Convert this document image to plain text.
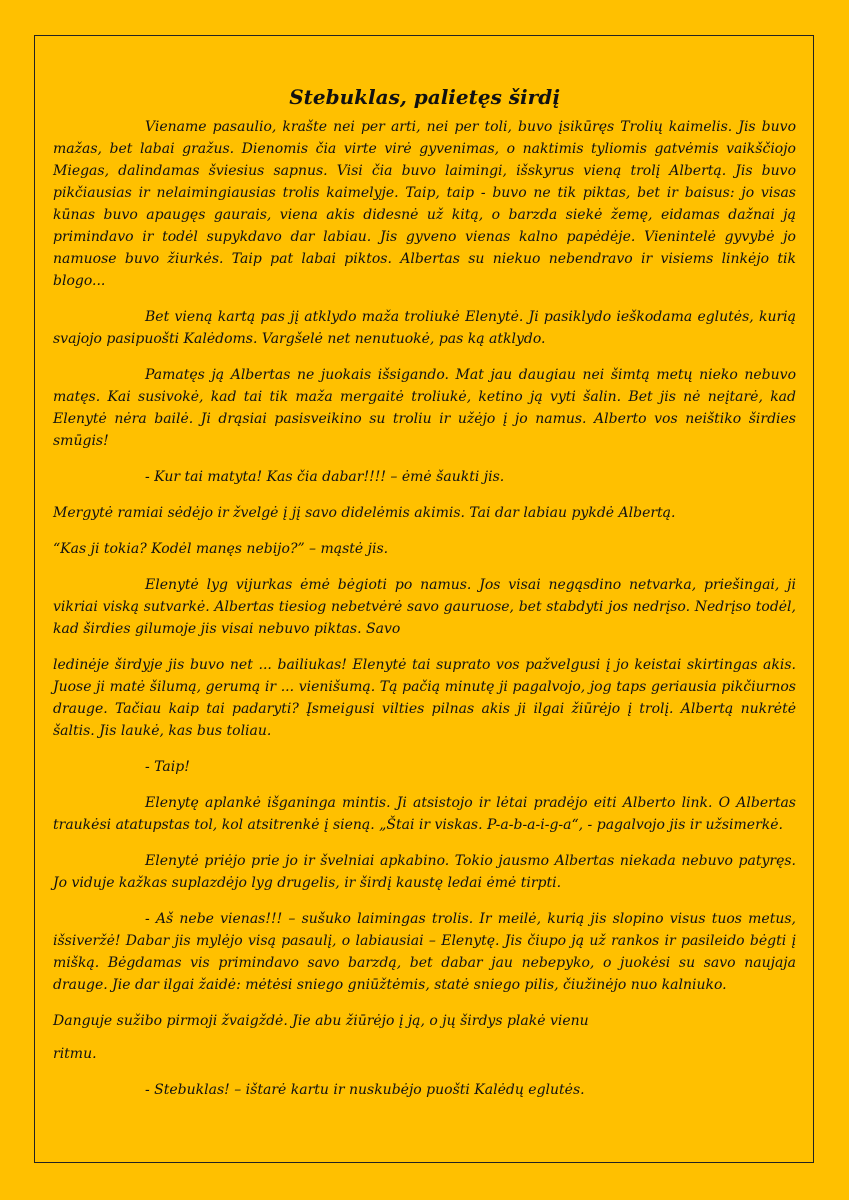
Stebuklas, palietęs širdį

Viename pasaulio, krašte nei per arti, nei per toli, buvo įsikūręs Trolių kaimelis. Jis buvo mažas, bet labai gražus. Dienomis čia virte virė gyvenimas, o naktimis tyliomis gatvėmis vaikščiojo Miegas, dalindamas šviesius sapnus. Visi čia buvo laimingi, išskyrus vieną trolį Albertą. Jis buvo pikčiausias ir nelaimingiausias trolis kaimelyje. Taip, taip - buvo ne tik piktas, bet ir baisus: jo visas kūnas buvo apaugęs gaurais, viena akis didesnė už kitą, o barzda siekė žemę, eidamas dažnai ją primindavo ir todėl supykdavo dar labiau. Jis gyveno vienas kalno papėdėje. Vienintelė gyvybė jo namuose buvo žiurkės. Taip pat labai piktos. Albertas su niekuo nebendravo ir visiems linkėjo tik blogo...

Bet vieną kartą pas jį atklydo maža troliukė Elenytė. Ji pasiklydo ieškodama eglutės, kurią svajojo pasipuošti Kalėdoms. Vargšelė net nenutuokė, pas ką atklydo.

Pamatęs ją Albertas ne juokais išsigando. Mat jau daugiau nei šimtą metų nieko nebuvo matęs. Kai susivokė, kad tai tik maža mergaitė troliukė, ketino ją vyti šalin. Bet jis nė neįtarė, kad Elenytė nėra bailė. Ji drąsiai pasisveikino su troliu ir užėjo į jo namus. Alberto vos neištiko širdies smūgis!

- Kur tai matyta! Kas čia dabar!!!! – ėmė šaukti jis.

Mergytė ramiai sėdėjo ir žvelgė į jį savo didelėmis akimis. Tai dar labiau pykdė Albertą.

“Kas ji tokia? Kodėl manęs nebijo?” – mąstė jis.

Elenytė lyg vijurkas ėmė bėgioti po namus. Jos visai negąsdino netvarka, priešingai, ji vikriai viską sutvarkė. Albertas tiesiog nebetvėrė savo gauruose, bet stabdyti jos nedrįso. Nedrįso todėl, kad širdies gilumoje jis visai nebuvo piktas. Savo

ledinėje širdyje jis buvo net ... bailiukas! Elenytė tai suprato vos pažvelgusi į jo keistai skirtingas akis. Juose ji matė šilumą, gerumą ir ... vienišumą. Tą pačią minutę ji pagalvojo, jog taps geriausia pikčiurnos drauge. Tačiau kaip tai padaryti? Įsmeigusi vilties pilnas akis ji ilgai žiūrėjo į trolį. Albertą nukrėtė šaltis. Jis laukė, kas bus toliau.

- Taip!

Elenytę aplankė išganinga mintis. Ji atsistojo ir lėtai pradėjo eiti Alberto link. O Albertas traukėsi atatupstas tol, kol atsitrenkė į sieną. „Štai ir viskas. P-a-b-a-i-g-a“, - pagalvojo jis ir užsimerkė.

Elenytė priėjo prie jo ir švelniai apkabino. Tokio jausmo Albertas niekada nebuvo patyręs. Jo viduje kažkas suplazdėjo lyg drugelis, ir širdį kaustę ledai ėmė tirpti.

- Aš nebe vienas!!! – sušuko laimingas trolis. Ir meilė, kurią jis slopino visus tuos metus, išsiveržė! Dabar jis mylėjo visą pasaulį, o labiausiai – Elenytę. Jis čiupo ją už rankos ir pasileido bėgti į mišką. Bėgdamas vis primindavo savo barzdą, bet dabar jau nebepyko, o juokėsi su savo naujaja drauge. Jie dar ilgai žaidė: mėtėsi sniego gniūžtėmis, statė sniego pilis, čiužinėjo nuo kalniuko.

Danguje sužibo pirmoji žvaigždė. Jie abu žiūrėjo į ją, o jų širdys plakė vienu

ritmu.

- Stebuklas! – ištarė kartu ir nuskubėjo puošti Kalėdų eglutės.
